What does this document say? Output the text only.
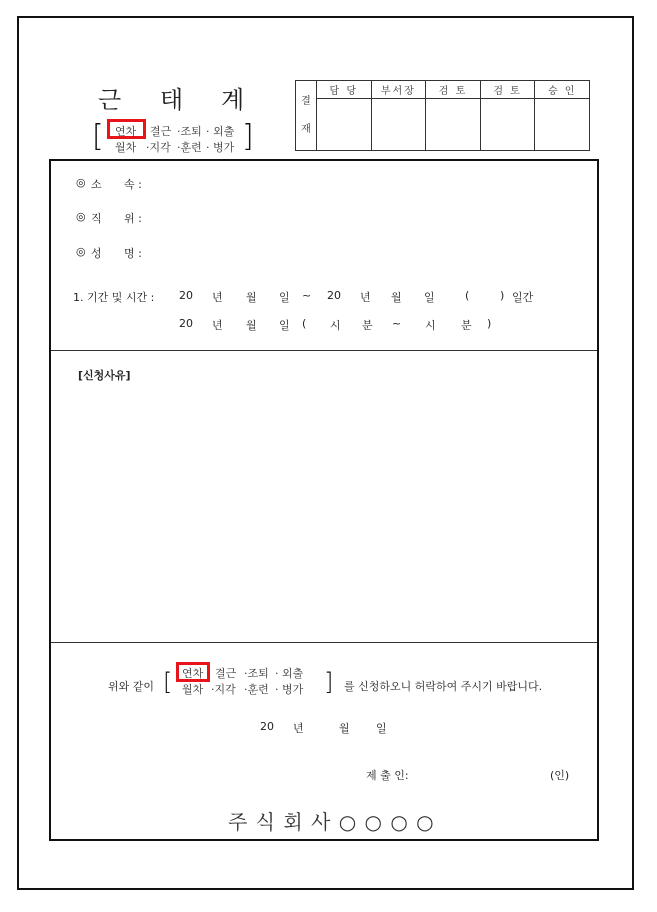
근 태 계
[	]
연차 결근 ·조퇴 · 외출
월차 ·지각 ·훈련 · 병가
결
재	담 당	부서장	검 토	검 토	승 인

◎ 소 속 :
◎ 직 위 :
◎ 성 명 :
1. 기간 및 시간 : 20 년 월 일 ~ 20 년 월 일	(	) 일간
20 년 월 일 ( 시 분 ~ 시 분 )
[신청사유]
위와 같이 [	]
연차 결근 ·조퇴 · 외출
월차 ·지각 ·훈련 · 병가	를 신청하오니 허락하여 주시기 바랍니다.
20 년	월 일
제 출 인:	(인)
주 식 회 사 ○ ○ ○ ○
